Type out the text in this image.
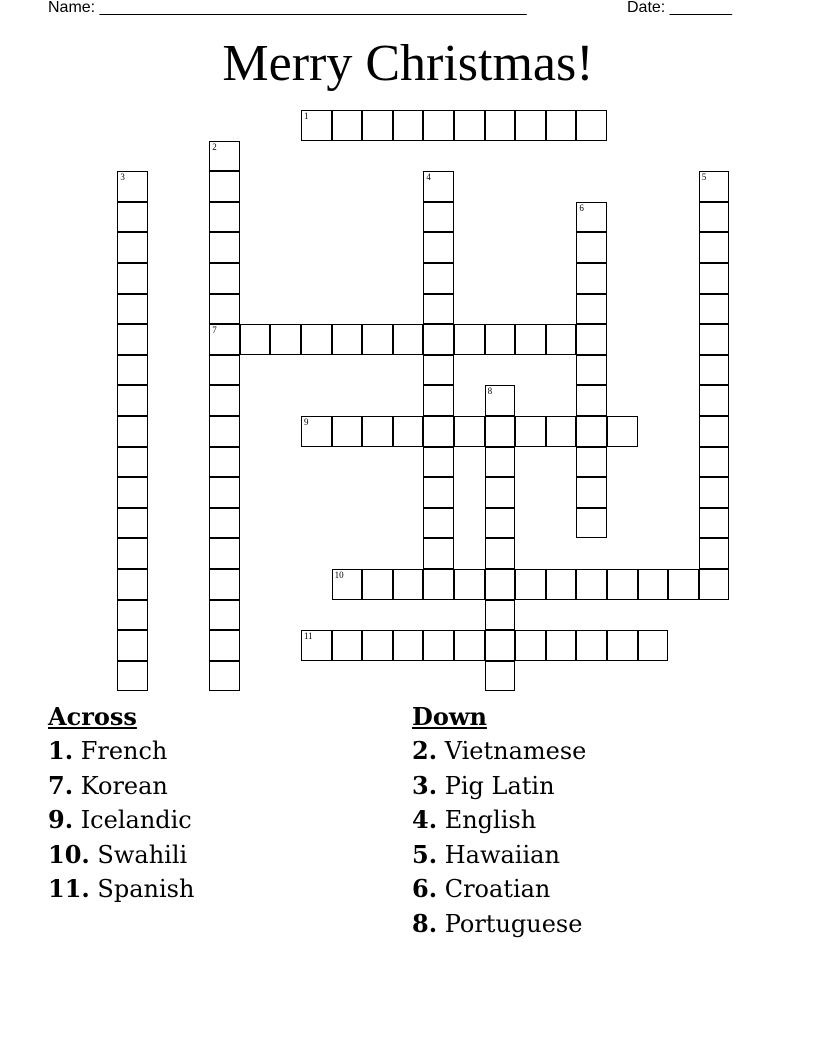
Name: ________________________________________________	Date: _______
Merry Christmas!
1
2
7
3	4	5
6
8
9
10
11
Across
1. French
7. Korean
9. Icelandic
10. Swahili
11. Spanish
Down
2. Vietnamese
3. Pig Latin
4. English
5. Hawaiian
6. Croatian
8. Portuguese
